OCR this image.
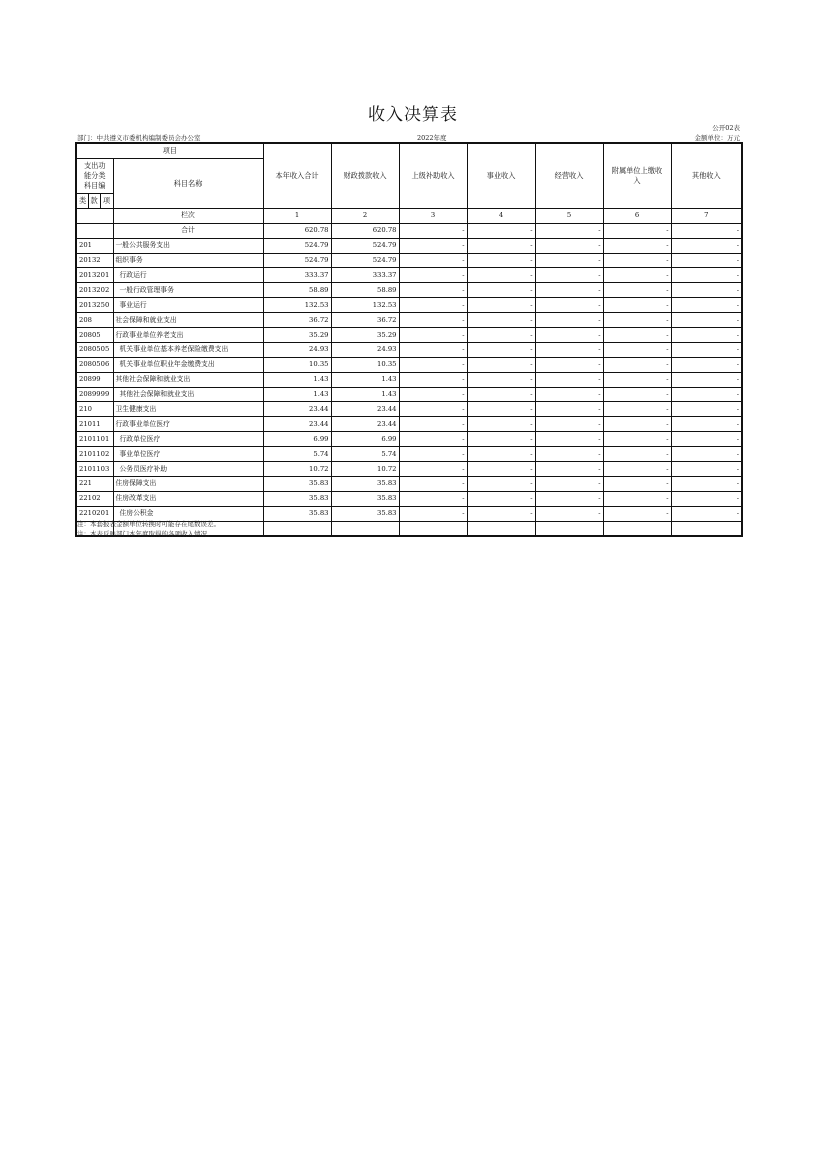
收入决算表
公开02表
部门：中共遵义市委机构编制委员会办公室	2022年度	金额单位：万元
项目				本年收入合计	财政拨款收入	上级补助收入	事业收入	经营收入	附属单位上缴收入	其他收入

支出功
能分类
科目编			科目名称							
类	款	项								
			栏次	1	2	3	4	5	6	7
			合计	620.78	620.78	-	-	-	-	-
201			一般公共服务支出	524.79	524.79	-	-	-	-	-
20132			组织事务	524.79	524.79	-	-	-	-	-
2013201			行政运行	333.37	333.37	-	-	-	-	-
2013202			一般行政管理事务	58.89	58.89	-	-	-	-	-
2013250			事业运行	132.53	132.53	-	-	-	-	-
208			社会保障和就业支出	36.72	36.72	-	-	-	-	-
20805			行政事业单位养老支出	35.29	35.29	-	-	-	-	-
2080505			机关事业单位基本养老保险缴费支出	24.93	24.93	-	-	-	-	-
2080506			机关事业单位职业年金缴费支出	10.35	10.35	-	-	-	-	-
20899			其他社会保障和就业支出	1.43	1.43	-	-	-	-	-
2089999			其他社会保障和就业支出	1.43	1.43	-	-	-	-	-
210			卫生健康支出	23.44	23.44	-	-	-	-	-
21011			行政事业单位医疗	23.44	23.44	-	-	-	-	-
2101101			行政单位医疗	6.99	6.99	-	-	-	-	-
2101102			事业单位医疗	5.74	5.74	-	-	-	-	-
2101103			公务员医疗补助	10.72	10.72	-	-	-	-	-
221			住房保障支出	35.83	35.83	-	-	-	-	-
22102			住房改革支出	35.83	35.83	-	-	-	-	-
2210201			住房公积金	35.83	35.83	-	-	-	-	-

注：本套报表金额单位转换时可能存在尾数误差。
注：本表反映部门本年度取得的各项收入情况。
